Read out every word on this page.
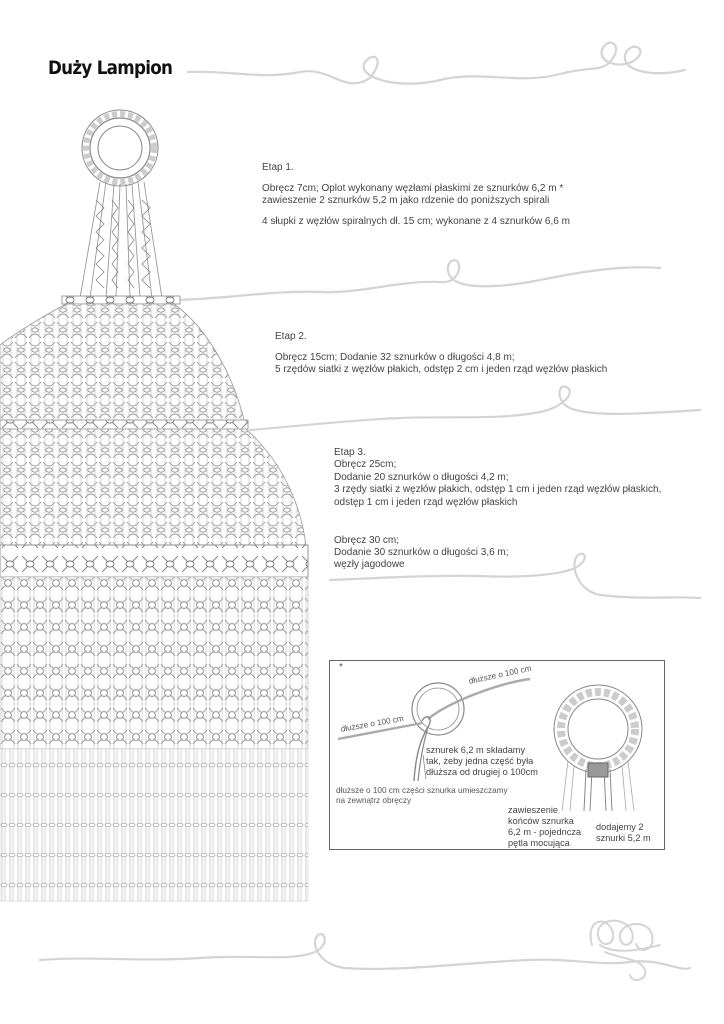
Duży Lampion
Etap 1.
Obręcz 7cm; Oplot wykonany węzłami płaskimi ze sznurków 6,2 m *
zawieszenie 2 sznurków 5,2 m jako rdzenie do poniższych spirali
4 słupki z węzłów spiralnych dł. 15 cm; wykonane z 4 sznurków 6,6 m
Etap 2.
Obręcz 15cm; Dodanie 32 sznurków o długości 4,8 m;
5 rzędów siatki z węzłów płakich, odstęp 2 cm i jeden rząd węzłów płaskich
Etap 3.
Obręcz 25cm;
Dodanie 20 sznurków o długości 4,2 m;
3 rzędy siatki z węzłów płakich, odstęp 1 cm i jeden rząd węzłów płaskich,
odstęp 1 cm i jeden rząd węzłów płaskich
Obręcz 30 cm;
Dodanie 30 sznurków o długości 3,6 m;
węzły jagodowe
*	dłuższe o 100 cm
dłuższe o 100 cm
sznurek 6,2 m składamy
tak, żeby jedna część była
dłuższa od drugiej o 100cm
dłuższe o 100 cm części sznurka umieszczamy
na zewnątrz obręczy
zawieszenie
końców sznurka
6,2 m - pojedncza
pętla mocująca
dodajemy 2
sznurki 5,2 m
